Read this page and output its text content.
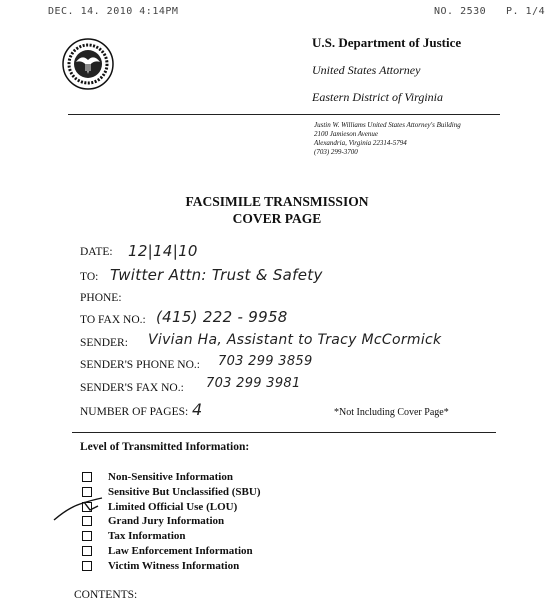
DEC. 14. 2010 4:14PM	NO. 2530 P. 1/4
U.S. Department of Justice
United States Attorney
Eastern District of Virginia
Justin W. Williams United States Attorney's Building
2100 Jamieson Avenue
Alexandria, Virginia 22314-5794
(703) 299-3700
FACSIMILE TRANSMISSION
COVER PAGE
DATE: 12|14|10
TO: Twitter Attn: Trust & Safety
PHONE:
TO FAX NO.: (415) 222 - 9958
SENDER: Vivian Ha, Assistant to Tracy McCormick
SENDER'S PHONE NO.: 703 299 3859
SENDER'S FAX NO.: 703 299 3981
NUMBER OF PAGES: 4	*Not Including Cover Page*
Level of Transmitted Information:
Non-Sensitive Information
Sensitive But Unclassified (SBU)
Limited Official Use (LOU)
Grand Jury Information
Tax Information
Law Enforcement Information
Victim Witness Information
CONTENTS:
